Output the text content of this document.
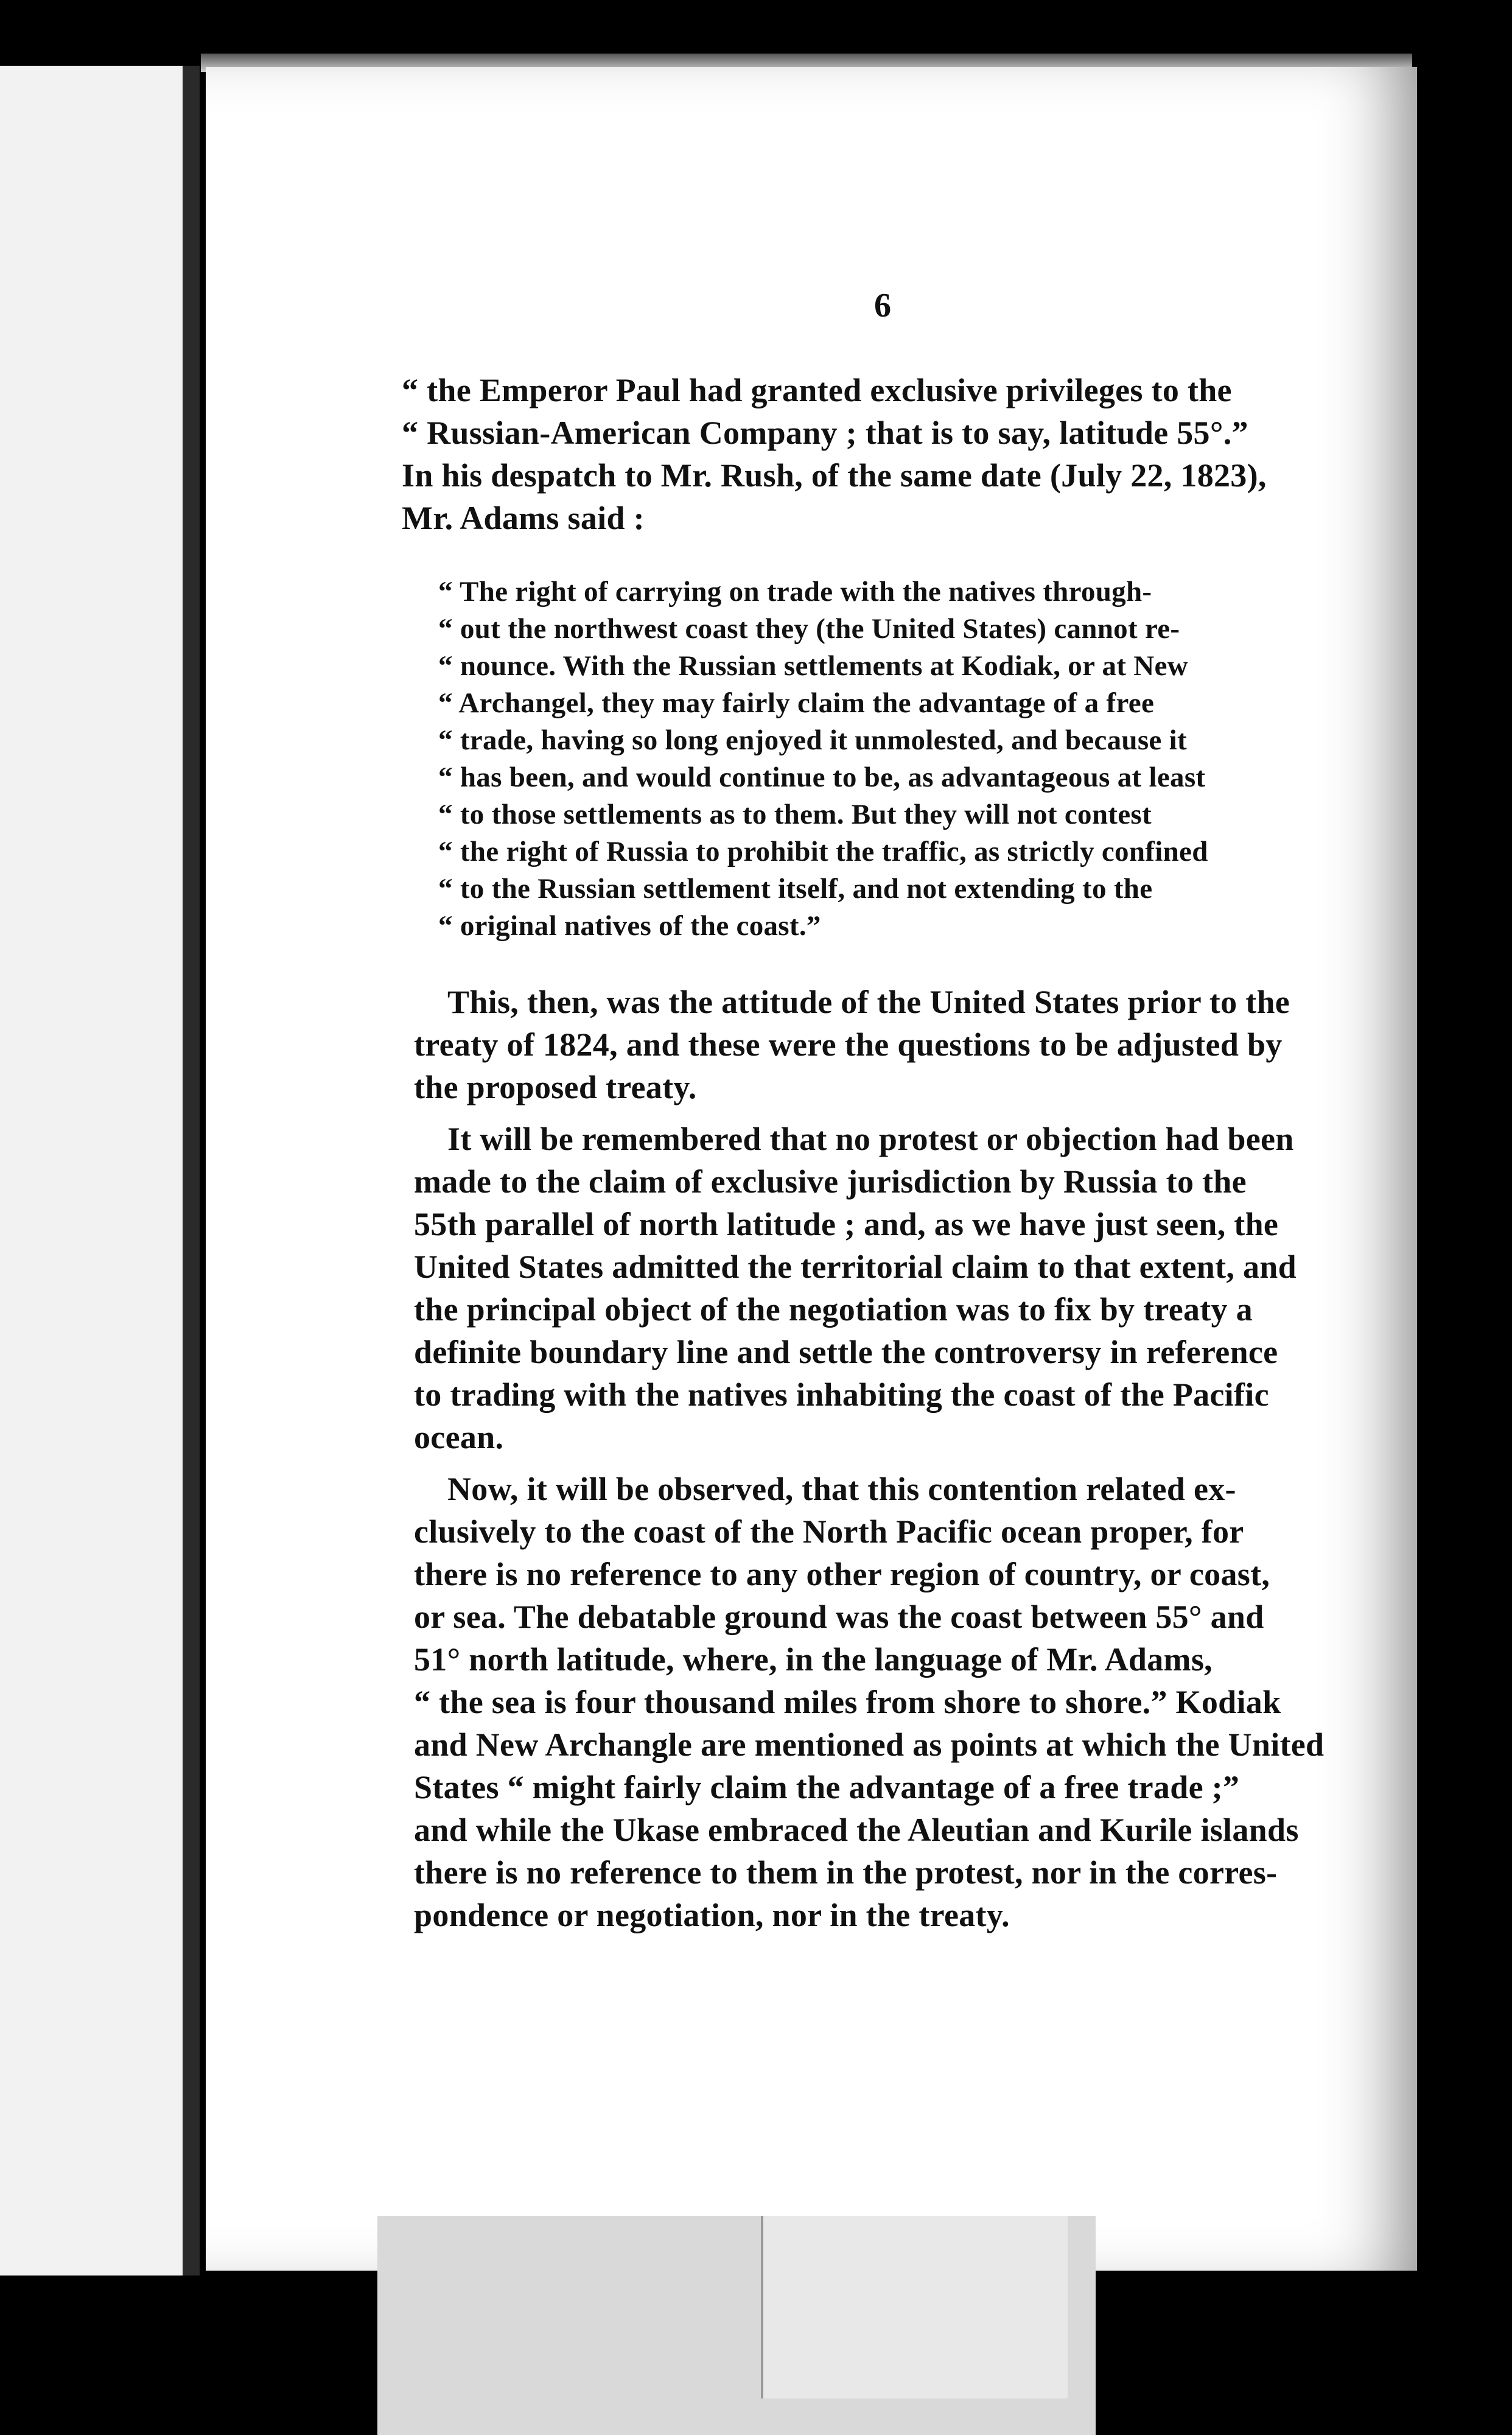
6
“ the Emperor Paul had granted exclusive privileges to the
“ Russian-American Company ; that is to say, latitude 55°.”
In his despatch to Mr. Rush, of the same date (July 22, 1823),
Mr. Adams said :
“ The right of carrying on trade with the natives through-
“ out the northwest coast they (the United States) cannot re-
“ nounce. With the Russian settlements at Kodiak, or at New
“ Archangel, they may fairly claim the advantage of a free
“ trade, having so long enjoyed it unmolested, and because it
“ has been, and would continue to be, as advantageous at least
“ to those settlements as to them. But they will not contest
“ the right of Russia to prohibit the traffic, as strictly confined
“ to the Russian settlement itself, and not extending to the
“ original natives of the coast.”
This, then, was the attitude of the United States prior to the
treaty of 1824, and these were the questions to be adjusted by
the proposed treaty.
It will be remembered that no protest or objection had been
made to the claim of exclusive jurisdiction by Russia to the
55th parallel of north latitude ; and, as we have just seen, the
United States admitted the territorial claim to that extent, and
the principal object of the negotiation was to fix by treaty a
definite boundary line and settle the controversy in reference
to trading with the natives inhabiting the coast of the Pacific
ocean.
Now, it will be observed, that this contention related ex-
clusively to the coast of the North Pacific ocean proper, for
there is no reference to any other region of country, or coast,
or sea. The debatable ground was the coast between 55° and
51° north latitude, where, in the language of Mr. Adams,
“ the sea is four thousand miles from shore to shore.” Kodiak
and New Archangle are mentioned as points at which the United
States “ might fairly claim the advantage of a free trade ;”
and while the Ukase embraced the Aleutian and Kurile islands
there is no reference to them in the protest, nor in the corres-
pondence or negotiation, nor in the treaty.
